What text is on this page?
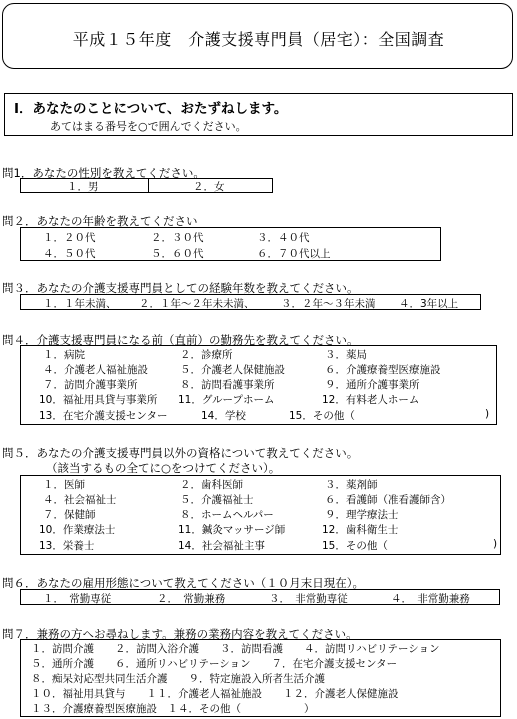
平成１５年度　介護支援専門員（居宅）：全国調査
Ⅰ．あなたのことについて、おたずねします。
あてはまる番号を○で囲んでください。
問1．あなたの性別を教えてください。
１．男	２．女
問２．あなたの年齢を教えてください
１．２０代	２．３０代	３．４０代
４．５０代	５．６０代	６．７０代以上
問３．あなたの介護支援専門員としての経験年数を教えてください。
１．１年未満、 ２．１年～２年未未満、	３．２年～３年未満 ４．3年以上
問４．介護支援専門員になる前（直前）の勤務先を教えてください。
１．病院	２．診療所	３．薬局
４．介護老人福祉施設	５．介護老人保健施設	６．介護療養型医療施設
７．訪問介護事業所	８．訪問看護事業所	９．通所介護事業所
10．福祉用具貸与事業所 11．グループホーム	12．有料老人ホーム
13．在宅介護支援センター	14．学校	15．その他（	)
問５．あなたの介護支援専門員以外の資格について教えてください。
（該当するもの全てに○をつけてください）。
１．医師	２．歯科医師	３．薬剤師
４．社会福祉士	５．介護福祉士	６．看護師（准看護師含）
７．保健師	８．ホームヘルパー	９．理学療法士
10．作業療法士	11．鍼灸マッサージ師	12．歯科衛生士
13．栄養士	14．社会福祉主事	15．その他（	)
問６．あなたの雇用形態について教えてください（１０月末日現在）。
１．　常勤専従	２．　常勤兼務	３．　非常勤専従	４．　非常勤兼務
問７．兼務の方へお尋ねします。兼務の業務内容を教えてください。
１．訪問介護　　２．訪問入浴介護　　３．訪問看護　　４．訪問リハビリテーション
５．通所介護　　６．通所リハビリテーション　　７．在宅介護支援センター
８．痴呆対応型共同生活介護　　９．特定施設入所者生活介護
１０．福祉用具貸与　　１１．介護老人福祉施設　　１２．介護老人保健施設
１３．介護療養型医療施設　１４．その他（　　　　　　）
